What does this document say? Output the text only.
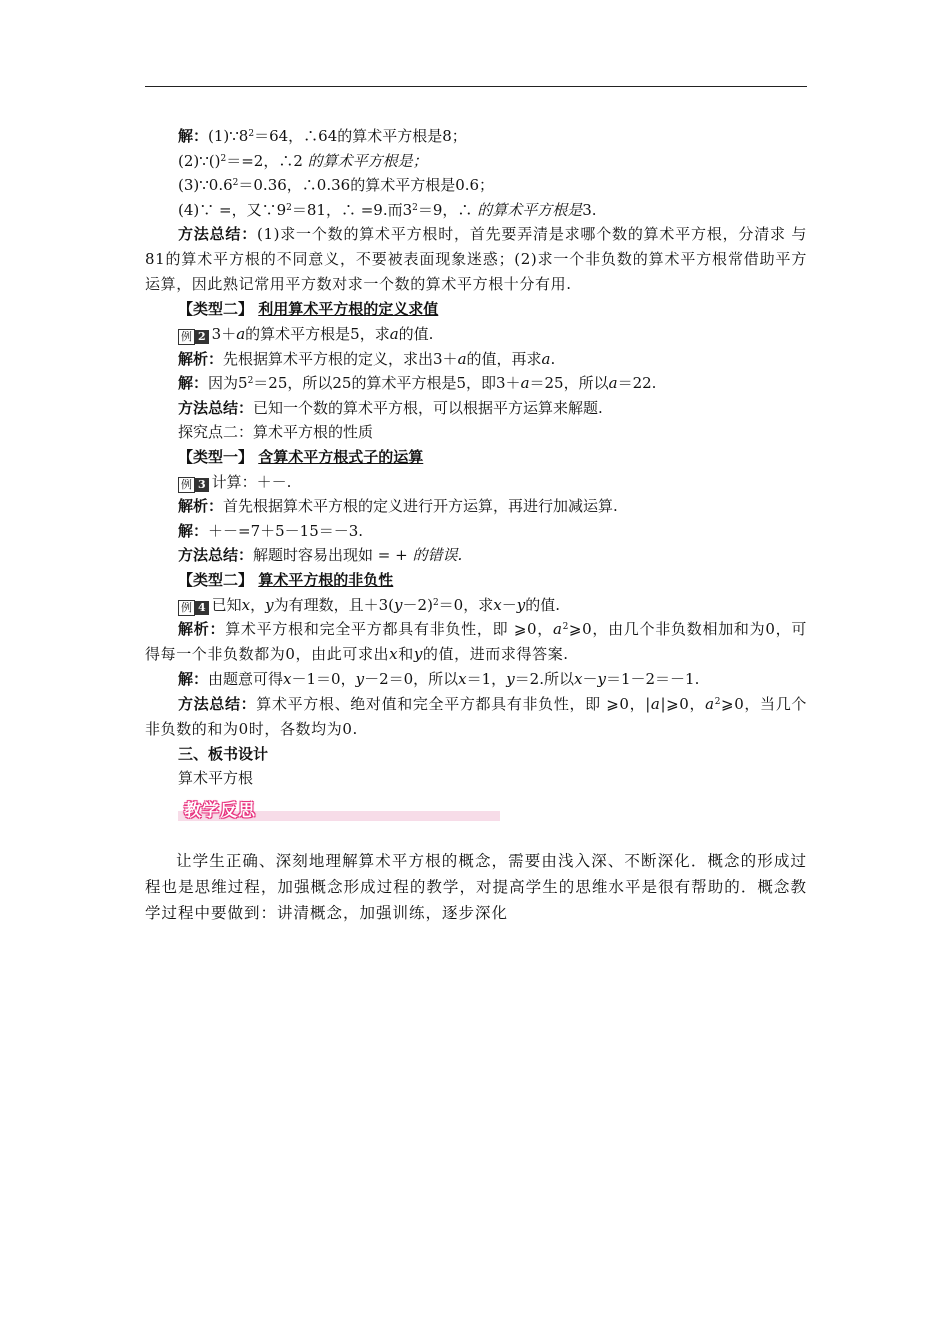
解：$(1)\because 8^2=64$，∴64的算术平方根是8；
(2)∵()$^2$＝=2，∴2 的算术平方根是；
$(3)\because 0.6^2=0.36$，∴0.36的算术平方根是0.6；
(4)∵ =，又$\because 9^2=81$，∴ =9.而$3^2=9$，∴ 的算术平方根是3.
方法总结：(1)求一个数的算术平方根时，首先要弄清是求哪个数的算术平方根，分清求 与81的算术平方根的不同意义，不要被表面现象迷惑；(2)求一个非负数的算术平方根常借助平方运算，因此熟记常用平方数对求一个数的算术平方根十分有用.
【类型二】 利用算术平方根的定义求值
例 2 3＋a的算术平方根是5，求a的值.
解析：先根据算术平方根的定义，求出3＋a的值，再求a.
解：因为$5^2=25$，所以25的算术平方根是5，即3＋a＝25，所以a＝22.
方法总结：已知一个数的算术平方根，可以根据平方运算来解题.
探究点二：算术平方根的性质
【类型一】 含算术平方根式子的运算
例 3 计算：＋－.
解析：首先根据算术平方根的定义进行开方运算，再进行加减运算.
解：＋－=7＋5－15＝－3.
方法总结：解题时容易出现如 = + 的错误.
【类型二】 算术平方根的非负性
例 4 已知x，y为有理数，且$+3(y-2)^2=0$，求x－y的值.
解析：算术平方根和完全平方都具有非负性，即 ⩾0，$a^2⩾0$，由几个非负数相加和为0，可得每一个非负数都为0，由此可求出x和y的值，进而求得答案.
解：由题意可得x－1＝0，y－2＝0，所以x＝1，y＝2.所以x－y＝1－2＝－1.
方法总结：算术平方根、绝对值和完全平方都具有非负性，即 ⩾0，|a|⩾0，$a^2⩾0$，当几个非负数的和为0时，各数均为0.
三、板书设计
算术平方根
教学反思
让学生正确、深刻地理解算术平方根的概念，需要由浅入深、不断深化．概念的形成过程也是思维过程，加强概念形成过程的教学，对提高学生的思维水平是很有帮助的．概念教学过程中要做到：讲清概念，加强训练，逐步深化
